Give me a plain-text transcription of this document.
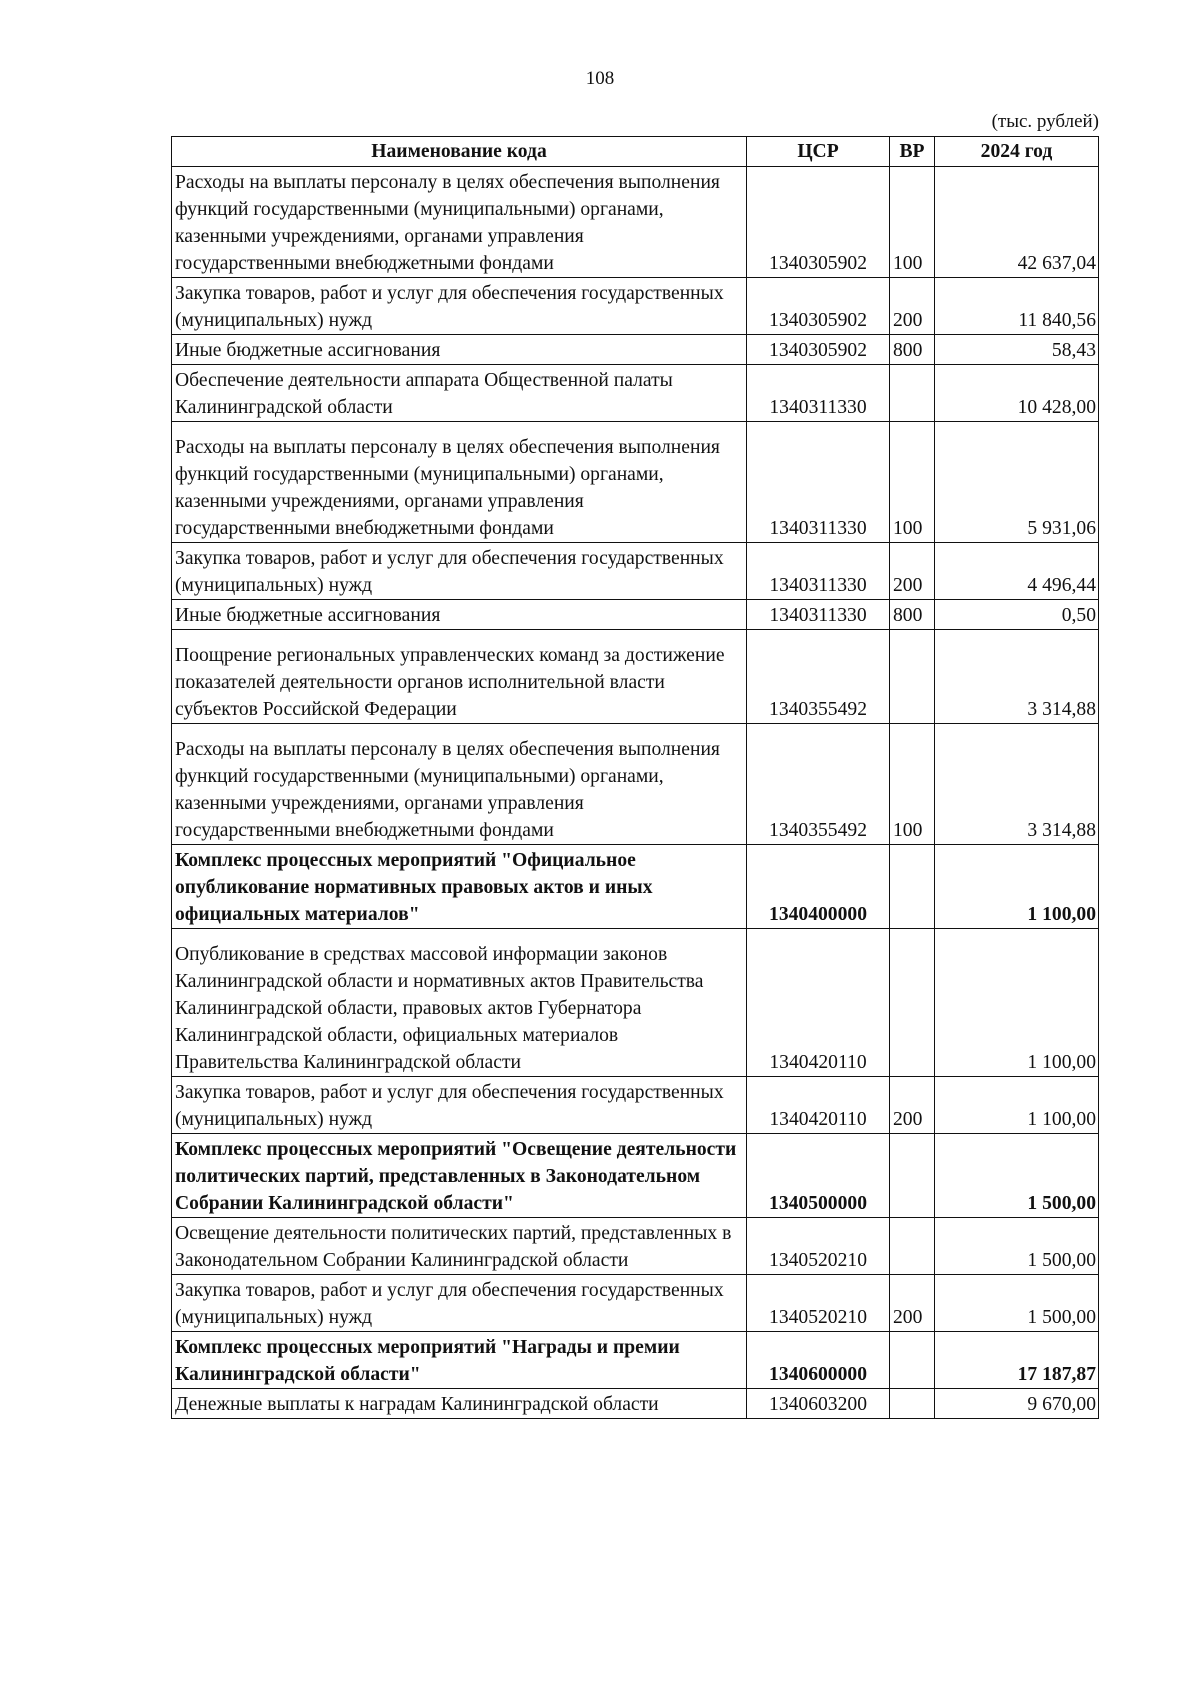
108
(тыс. рублей)
Наименование кода	ЦСР	ВР	2024 год
Расходы на выплаты персоналу в целях обеспечения выполнения функций государственными (муниципальными) органами, казенными учреждениями, органами управления государственными внебюджетными фондами	1340305902	100	42 637,04
Закупка товаров, работ и услуг для обеспечения государственных (муниципальных) нужд	1340305902	200	11 840,56
Иные бюджетные ассигнования	1340305902	800	58,43
Обеспечение деятельности аппарата Общественной палаты Калининградской области	1340311330		10 428,00
Расходы на выплаты персоналу в целях обеспечения выполнения функций государственными (муниципальными) органами, казенными учреждениями, органами управления государственными внебюджетными фондами	1340311330	100	5 931,06
Закупка товаров, работ и услуг для обеспечения государственных (муниципальных) нужд	1340311330	200	4 496,44
Иные бюджетные ассигнования	1340311330	800	0,50
Поощрение региональных управленческих команд за достижение показателей деятельности органов исполнительной власти субъектов Российской Федерации	1340355492		3 314,88
Расходы на выплаты персоналу в целях обеспечения выполнения функций государственными (муниципальными) органами, казенными учреждениями, органами управления государственными внебюджетными фондами	1340355492	100	3 314,88
Комплекс процессных мероприятий "Официальное опубликование нормативных правовых актов и иных официальных материалов"	1340400000		1 100,00
Опубликование в средствах массовой информации законов Калининградской области и нормативных актов Правительства Калининградской области, правовых актов Губернатора Калининградской области, официальных материалов Правительства Калининградской области	1340420110		1 100,00
Закупка товаров, работ и услуг для обеспечения государственных (муниципальных) нужд	1340420110	200	1 100,00
Комплекс процессных мероприятий "Освещение деятельности политических партий, представленных в Законодательном Собрании Калининградской области"	1340500000		1 500,00
Освещение деятельности политических партий, представленных в Законодательном Собрании Калининградской области	1340520210		1 500,00
Закупка товаров, работ и услуг для обеспечения государственных (муниципальных) нужд	1340520210	200	1 500,00
Комплекс процессных мероприятий "Награды и премии Калининградской области"	1340600000		17 187,87
Денежные выплаты к наградам Калининградской области	1340603200		9 670,00
